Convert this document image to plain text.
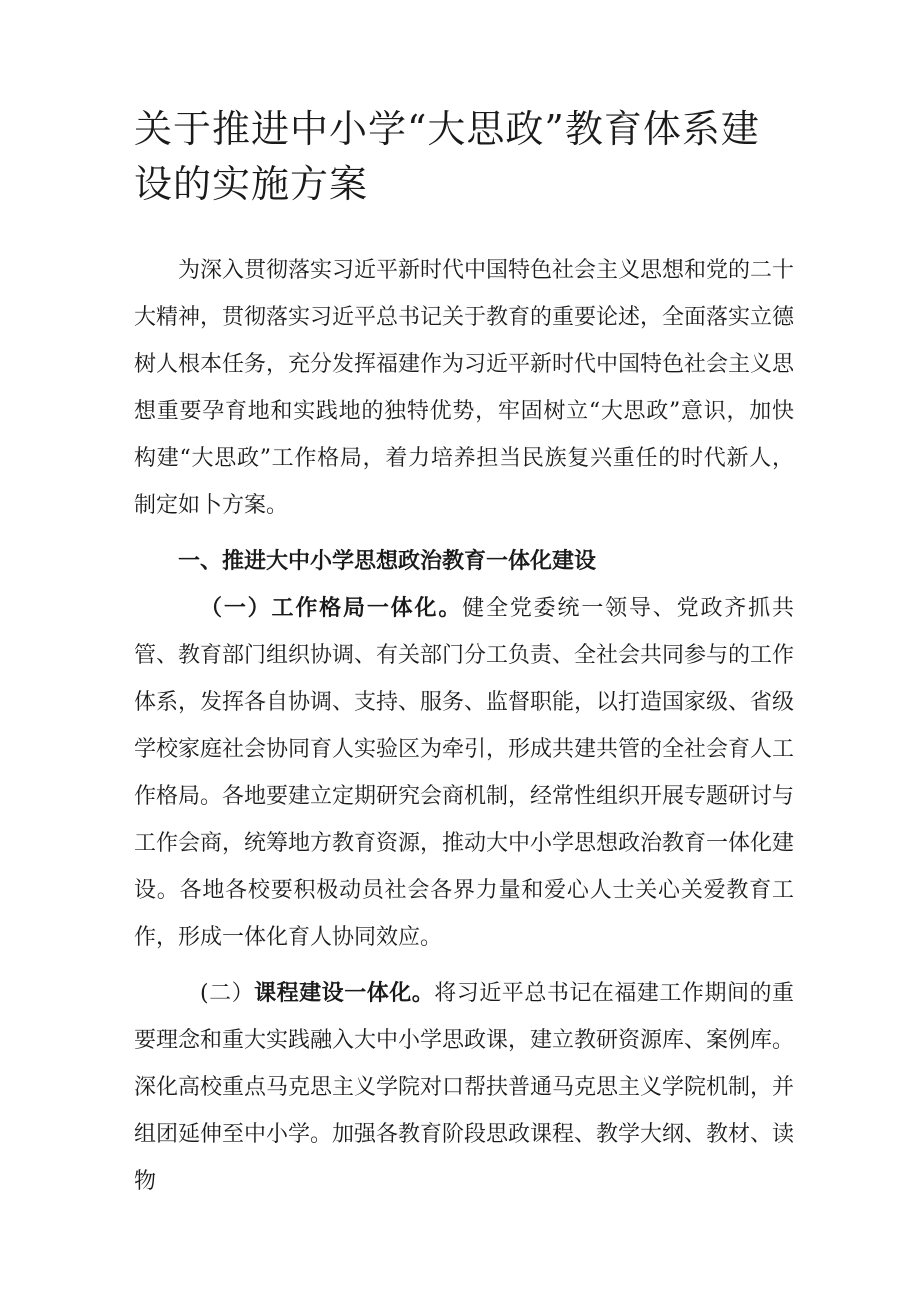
关于推进中小学“大思政”教育体系建设的实施方案

为深入贯彻落实习近平新时代中国特色社会主义思想和党的二十大精神，贯彻落实习近平总书记关于教育的重要论述，全面落实立德树人根本任务，充分发挥福建作为习近平新时代中国特色社会主义思想重要孕育地和实践地的独特优势，牢固树立“大思政”意识，加快构建“大思政”工作格局，着力培养担当民族复兴重任的时代新人，制定如卜方案。

一、推进大中小学思想政治教育一体化建设

（一）工作格局一体化。健全党委统一领导、党政齐抓共管、教育部门组织协调、有关部门分工负责、全社会共同参与的工作体系，发挥各自协调、支持、服务、监督职能，以打造国家级、省级学校家庭社会协同育人实验区为牵引，形成共建共管的全社会育人工作格局。各地要建立定期研究会商机制，经常性组织开展专题研讨与工作会商，统筹地方教育资源，推动大中小学思想政治教育一体化建设。各地各校要积极动员社会各界力量和爱心人士关心关爱教育工作，形成一体化育人协同效应。

(二）课程建设一体化。将习近平总书记在福建工作期间的重要理念和重大实践融入大中小学思政课，建立教研资源库、案例库。深化高校重点马克思主义学院对口帮扶普通马克思主义学院机制，并组团延伸至中小学。加强各教育阶段思政课程、教学大纲、教材、读物
